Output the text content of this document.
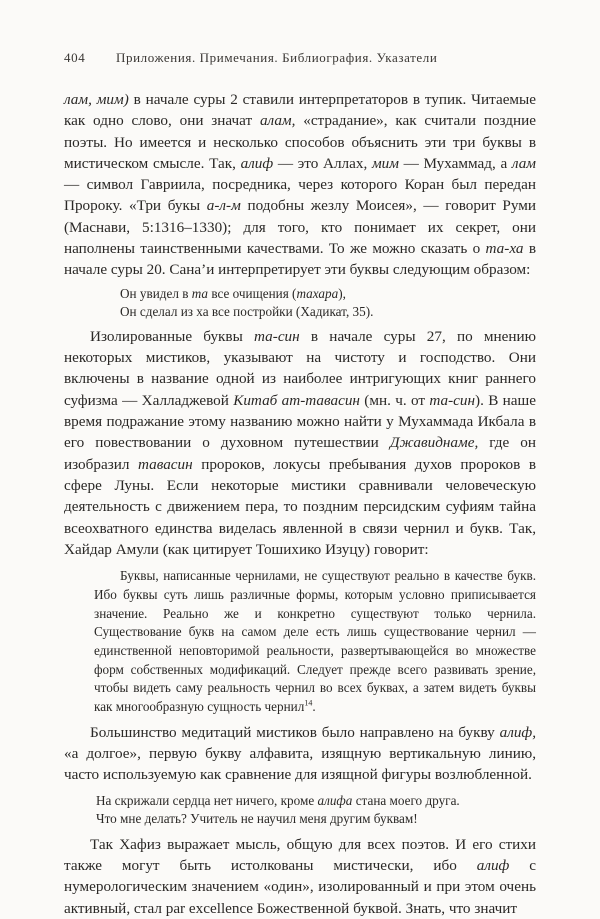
404 Приложения. Примечания. Библиография. Указатели

лам, мим) в начале суры 2 ставили интерпретаторов в тупик. Читаемые как одно слово, они значат алам, «страдание», как считали поздние поэты. Но имеется и несколько способов объяснить эти три буквы в мистическом смысле. Так, алиф — это Аллах, мим — Мухаммад, а лам — символ Гавриила, посредника, через которого Коран был передан Пророку. «Три букы а-л-м подобны жезлу Моисея», — говорит Руми (Маснави, 5:1316–1330); для того, кто понимает их секрет, они наполнены таинственными качествами. То же можно сказать о та-ха в начале суры 20. Сана’и интерпретирует эти буквы следующим образом:

Он увидел в та все очищения (тахара),
Он сделал из ха все постройки (Хадикат, 35).

Изолированные буквы та-син в начале суры 27, по мнению некоторых мистиков, указывают на чистоту и господство. Они включены в название одной из наиболее интригующих книг раннего суфизма — Халладжевой Китаб ат-тавасин (мн. ч. от та-син). В наше время подражание этому названию можно найти у Мухаммада Икбала в его повествовании о духовном путешествии Джавиднаме, где он изобразил тавасин пророков, локусы пребывания духов пророков в сфере Луны. Если некоторые мистики сравнивали человеческую деятельность с движением пера, то поздним персидским суфиям тайна всеохватного единства виделась явленной в связи чернил и букв. Так, Хайдар Амули (как цитирует Тошихико Изуцу) говорит:

Буквы, написанные чернилами, не существуют реально в качестве букв. Ибо буквы суть лишь различные формы, которым условно приписывается значение. Реально же и конкретно существуют только чернила. Существование букв на самом деле есть лишь существование чернил — единственной неповторимой реальности, развертывающейся во множестве форм собственных модификаций. Следует прежде всего развивать зрение, чтобы видеть саму реальность чернил во всех буквах, а затем видеть буквы как многообразную сущность чернил$^{14}$.

Большинство медитаций мистиков было направлено на букву алиф, «а долгое», первую букву алфавита, изящную вертикальную линию, часто используемую как сравнение для изящной фигуры возлюбленной.

На скрижали сердца нет ничего, кроме алифа стана моего друга.
Что мне делать? Учитель не научил меня другим буквам!

Так Хафиз выражает мысль, общую для всех поэтов. И его стихи также могут быть истолкованы мистически, ибо алиф с нумерологическим значением «один», изолированный и при этом очень активный, стал par excellence Божественной буквой. Знать, что значит
